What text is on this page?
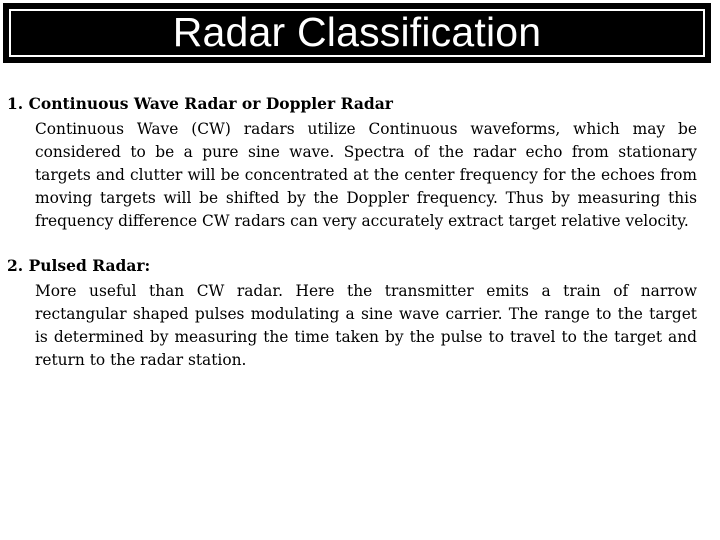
Radar Classification

1. Continuous Wave Radar or Doppler Radar

Continuous Wave (CW) radars utilize Continuous waveforms, which may be considered to be a pure sine wave. Spectra of the radar echo from stationary targets and clutter will be concentrated at the center frequency for the echoes from moving targets will be shifted by the Doppler frequency. Thus by measuring this frequency difference CW radars can very accurately extract target relative velocity.

2. Pulsed Radar:

More useful than CW radar. Here the transmitter emits a train of narrow rectangular shaped pulses modulating a sine wave carrier. The range to the target is determined by measuring the time taken by the pulse to travel to the target and return to the radar station.
